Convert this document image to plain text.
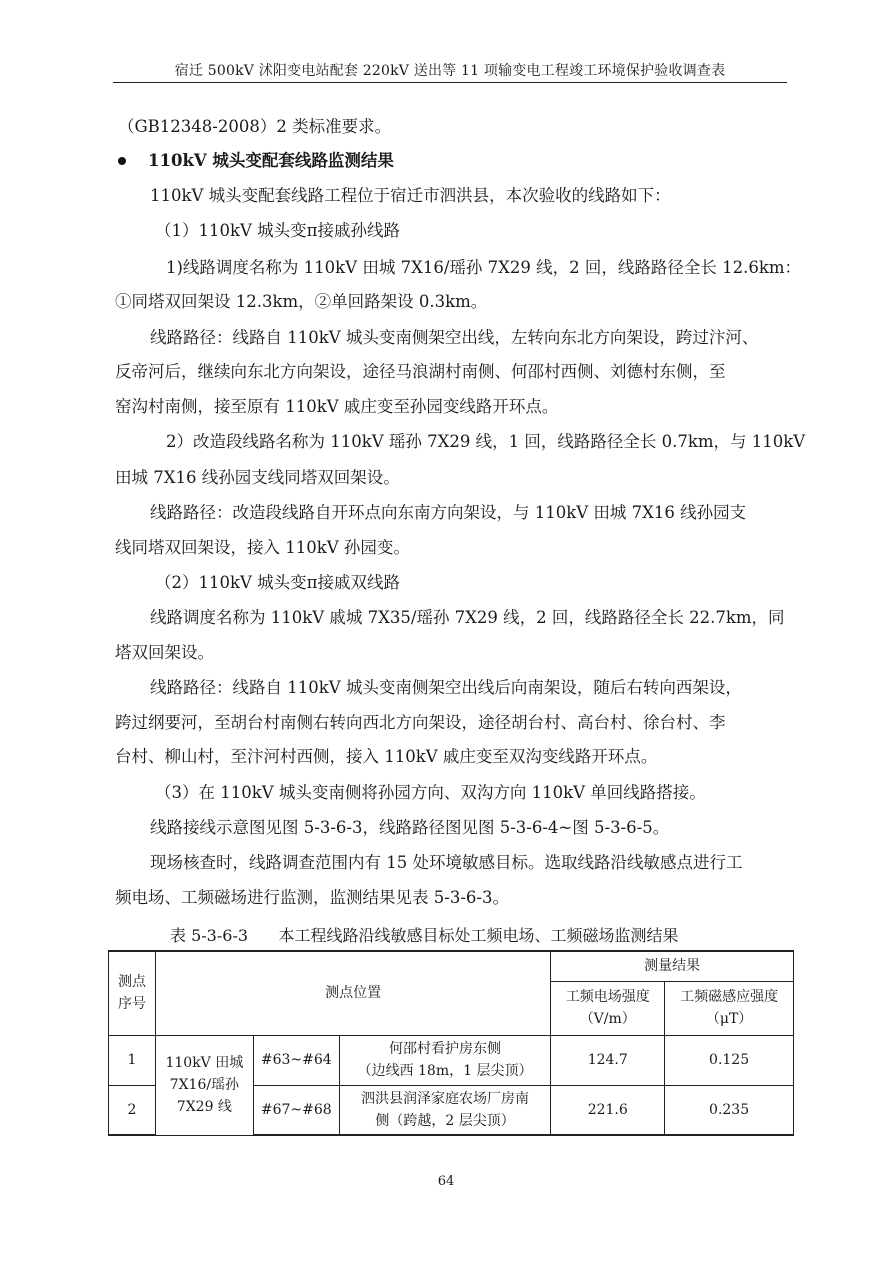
宿迁 500kV 沭阳变电站配套 220kV 送出等 11 项输变电工程竣工环境保护验收调查表
（GB12348-2008）2 类标准要求。
110kV 城头变配套线路监测结果
110kV 城头变配套线路工程位于宿迁市泗洪县，本次验收的线路如下：
（1）110kV 城头变π接戚孙线路
1)线路调度名称为 110kV 田城 7X16/瑶孙 7X29 线，2 回，线路路径全长 12.6km：
①同塔双回架设 12.3km，②单回路架设 0.3km。
线路路径：线路自 110kV 城头变南侧架空出线，左转向东北方向架设，跨过汴河、
反帝河后，继续向东北方向架设，途径马浪湖村南侧、何邵村西侧、刘德村东侧，至
窑沟村南侧，接至原有 110kV 戚庄变至孙园变线路开环点。
2）改造段线路名称为 110kV 瑶孙 7X29 线，1 回，线路路径全长 0.7km，与 110kV
田城 7X16 线孙园支线同塔双回架设。
线路路径：改造段线路自开环点向东南方向架设，与 110kV 田城 7X16 线孙园支
线同塔双回架设，接入 110kV 孙园变。
（2）110kV 城头变π接戚双线路
线路调度名称为 110kV 戚城 7X35/瑶孙 7X29 线，2 回，线路路径全长 22.7km，同
塔双回架设。
线路路径：线路自 110kV 城头变南侧架空出线后向南架设，随后右转向西架设，
跨过纲要河，至胡台村南侧右转向西北方向架设，途径胡台村、高台村、徐台村、李
台村、柳山村，至汴河村西侧，接入 110kV 戚庄变至双沟变线路开环点。
（3）在 110kV 城头变南侧将孙园方向、双沟方向 110kV 单回线路搭接。
线路接线示意图见图 5-3-6-3，线路路径图见图 5-3-6-4~图 5-3-6-5。
现场核查时，线路调查范围内有 15 处环境敏感目标。选取线路沿线敏感点进行工
频电场、工频磁场进行监测，监测结果见表 5-3-6-3。
表 5-3-6-3      本工程线路沿线敏感目标处工频电场、工频磁场监测结果
测点
序号	测点位置			测量结果	
				工频电场强度
（V/m）	工频磁感应强度
（μT）
1	110kV 田城
7X16/瑶孙
7X29 线	#63~#64	何邵村看护房东侧
（边线西 18m，1 层尖顶）	124.7	0.125
2		#67~#68	泗洪县润泽家庭农场厂房南
侧（跨越，2 层尖顶）	221.6	0.235
64
